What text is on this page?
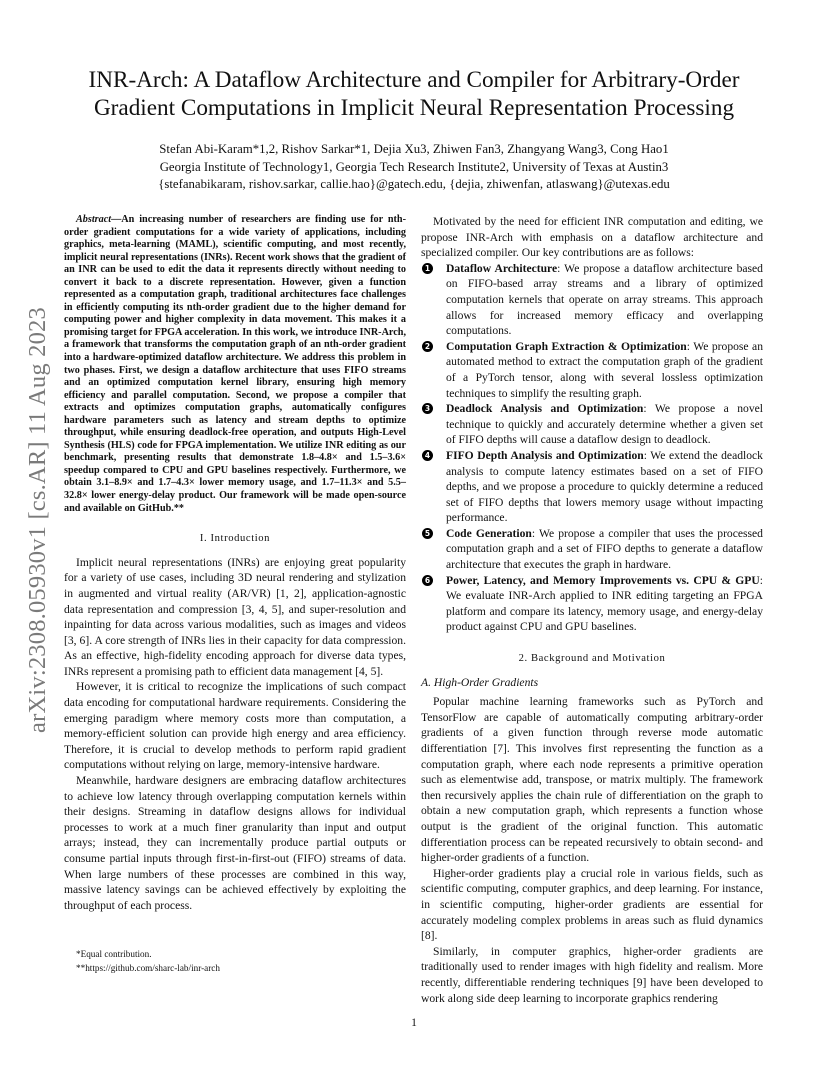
arXiv:2308.05930v1 [cs.AR] 11 Aug 2023
INR-Arch: A Dataflow Architecture and Compiler for Arbitrary-Order Gradient Computations in Implicit Neural Representation Processing
Stefan Abi-Karam*1,2, Rishov Sarkar*1, Dejia Xu3, Zhiwen Fan3, Zhangyang Wang3, Cong Hao1
Georgia Institute of Technology1, Georgia Tech Research Institute2, University of Texas at Austin3
{stefanabikaram, rishov.sarkar, callie.hao}@gatech.edu, {dejia, zhiwenfan, atlaswang}@utexas.edu

Abstract—An increasing number of researchers are finding use for nth-order gradient computations for a wide variety of applications, including graphics, meta-learning (MAML), scientific computing, and most recently, implicit neural representations (INRs). Recent work shows that the gradient of an INR can be used to edit the data it represents directly without needing to convert it back to a discrete representation. However, given a function represented as a computation graph, traditional architectures face challenges in efficiently computing its nth-order gradient due to the higher demand for computing power and higher complexity in data movement. This makes it a promising target for FPGA acceleration. In this work, we introduce INR-Arch, a framework that transforms the computation graph of an nth-order gradient into a hardware-optimized dataflow architecture. We address this problem in two phases. First, we design a dataflow architecture that uses FIFO streams and an optimized computation kernel library, ensuring high memory efficiency and parallel computation. Second, we propose a compiler that extracts and optimizes computation graphs, automatically configures hardware parameters such as latency and stream depths to optimize throughput, while ensuring deadlock-free operation, and outputs High-Level Synthesis (HLS) code for FPGA implementation. We utilize INR editing as our benchmark, presenting results that demonstrate 1.8–4.8× and 1.5–3.6× speedup compared to CPU and GPU baselines respectively. Furthermore, we obtain 3.1–8.9× and 1.7–4.3× lower memory usage, and 1.7–11.3× and 5.5–32.8× lower energy-delay product. Our framework will be made open-source and available on GitHub.**

I. Introduction

Implicit neural representations (INRs) are enjoying great popularity for a variety of use cases, including 3D neural rendering and stylization in augmented and virtual reality (AR/VR) [1, 2], application-agnostic data representation and compression [3, 4, 5], and super-resolution and inpainting for data across various modalities, such as images and videos [3, 6]. A core strength of INRs lies in their capacity for data compression. As an effective, high-fidelity encoding approach for diverse data types, INRs represent a promising path to efficient data management [4, 5].

However, it is critical to recognize the implications of such compact data encoding for computational hardware requirements. Considering the emerging paradigm where memory costs more than computation, a memory-efficient solution can provide high energy and area efficiency. Therefore, it is crucial to develop methods to perform rapid gradient computations without relying on large, memory-intensive hardware.

Meanwhile, hardware designers are embracing dataflow architectures to achieve low latency through overlapping computation kernels within their designs. Streaming in dataflow designs allows for individual processes to work at a much finer granularity than input and output arrays; instead, they can incrementally produce partial outputs or consume partial inputs through first-in-first-out (FIFO) streams of data. When large numbers of these processes are combined in this way, massive latency savings can be achieved effectively by exploiting the throughput of each process.

*Equal contribution.

**https://github.com/sharc-lab/inr-arch

Motivated by the need for efficient INR computation and editing, we propose INR-Arch with emphasis on a dataflow architecture and specialized compiler. Our key contributions are as follows:

1 Dataflow Architecture: We propose a dataflow architecture based on FIFO-based array streams and a library of optimized computation kernels that operate on array streams. This approach allows for increased memory efficacy and overlapping computations.
2 Computation Graph Extraction & Optimization: We propose an automated method to extract the computation graph of the gradient of a PyTorch tensor, along with several lossless optimization techniques to simplify the resulting graph.
3 Deadlock Analysis and Optimization: We propose a novel technique to quickly and accurately determine whether a given set of FIFO depths will cause a dataflow design to deadlock.
4 FIFO Depth Analysis and Optimization: We extend the deadlock analysis to compute latency estimates based on a set of FIFO depths, and we propose a procedure to quickly determine a reduced set of FIFO depths that lowers memory usage without impacting performance.
5 Code Generation: We propose a compiler that uses the processed computation graph and a set of FIFO depths to generate a dataflow architecture that executes the graph in hardware.
6 Power, Latency, and Memory Improvements vs. CPU & GPU: We evaluate INR-Arch applied to INR editing targeting an FPGA platform and compare its latency, memory usage, and energy-delay product against CPU and GPU baselines.
2. Background and Motivation
A. High-Order Gradients

Popular machine learning frameworks such as PyTorch and TensorFlow are capable of automatically computing arbitrary-order gradients of a given function through reverse mode automatic differentiation [7]. This involves first representing the function as a computation graph, where each node represents a primitive operation such as elementwise add, transpose, or matrix multiply. The framework then recursively applies the chain rule of differentiation on the graph to obtain a new computation graph, which represents a function whose output is the gradient of the original function. This automatic differentiation process can be repeated recursively to obtain second- and higher-order gradients of a function.

Higher-order gradients play a crucial role in various fields, such as scientific computing, computer graphics, and deep learning. For instance, in scientific computing, higher-order gradients are essential for accurately modeling complex problems in areas such as fluid dynamics [8].

Similarly, in computer graphics, higher-order gradients are traditionally used to render images with high fidelity and realism. More recently, differentiable rendering techniques [9] have been developed to work along side deep learning to incorporate graphics rendering

1
